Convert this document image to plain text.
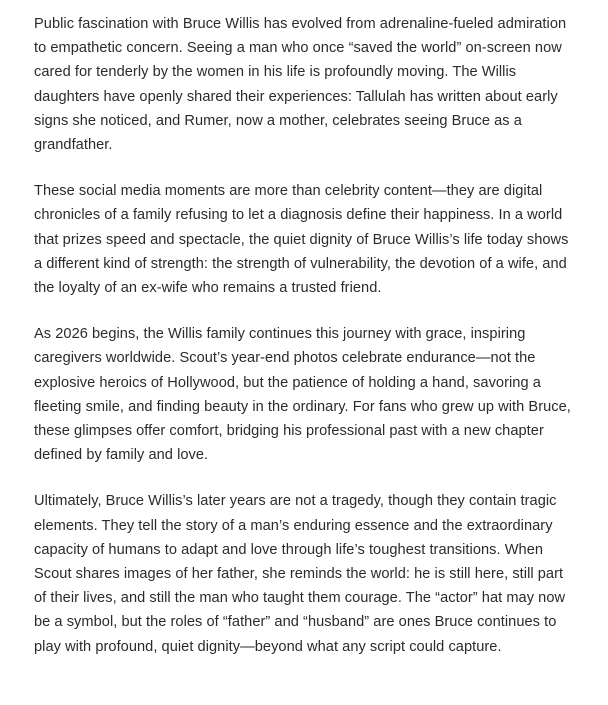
Public fascination with Bruce Willis has evolved from adrenaline-fueled admiration to empathetic concern. Seeing a man who once “saved the world” on-screen now cared for tenderly by the women in his life is profoundly moving. The Willis daughters have openly shared their experiences: Tallulah has written about early signs she noticed, and Rumer, now a mother, celebrates seeing Bruce as a grandfather.

These social media moments are more than celebrity content—they are digital chronicles of a family refusing to let a diagnosis define their happiness. In a world that prizes speed and spectacle, the quiet dignity of Bruce Willis’s life today shows a different kind of strength: the strength of vulnerability, the devotion of a wife, and the loyalty of an ex-wife who remains a trusted friend.

As 2026 begins, the Willis family continues this journey with grace, inspiring caregivers worldwide. Scout’s year-end photos celebrate endurance—not the explosive heroics of Hollywood, but the patience of holding a hand, savoring a fleeting smile, and finding beauty in the ordinary. For fans who grew up with Bruce, these glimpses offer comfort, bridging his professional past with a new chapter defined by family and love.

Ultimately, Bruce Willis’s later years are not a tragedy, though they contain tragic elements. They tell the story of a man’s enduring essence and the extraordinary capacity of humans to adapt and love through life’s toughest transitions. When Scout shares images of her father, she reminds the world: he is still here, still part of their lives, and still the man who taught them courage. The “actor” hat may now be a symbol, but the roles of “father” and “husband” are ones Bruce continues to play with profound, quiet dignity—beyond what any script could capture.
